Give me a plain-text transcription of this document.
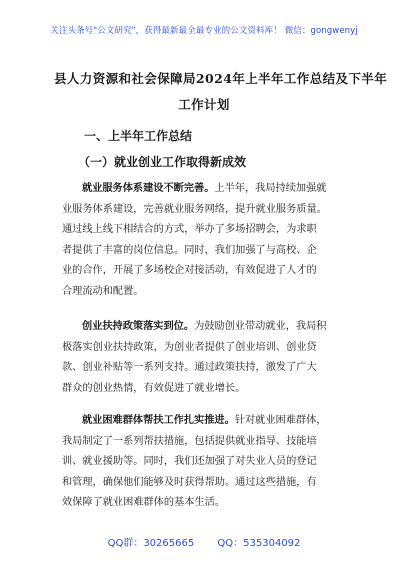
关注头条号"公文研究"，获得最新最全最专业的公文资料库！ 微信：gongwenyj
县人力资源和社会保障局2024年上半年工作总结及下半年
工作计划
一、上半年工作总结
（一）就业创业工作取得新成效
就业服务体系建设不断完善。上半年，我局持续加强就
业服务体系建设，完善就业服务网络，提升就业服务质量。
通过线上线下相结合的方式，举办了多场招聘会，为求职
者提供了丰富的岗位信息。同时，我们加强了与高校、企
业的合作，开展了多场校企对接活动，有效促进了人才的
合理流动和配置。
创业扶持政策落实到位。为鼓励创业带动就业，我局积
极落实创业扶持政策，为创业者提供了创业培训、创业贷
款、创业补贴等一系列支持。通过政策扶持，激发了广大
群众的创业热情，有效促进了就业增长。
就业困难群体帮扶工作扎实推进。针对就业困难群体，
我局制定了一系列帮扶措施，包括提供就业指导、技能培
训、就业援助等。同时，我们还加强了对失业人员的登记
和管理，确保他们能够及时获得帮助。通过这些措施，有
效保障了就业困难群体的基本生活。
QQ群：30265665 QQ：535304092
